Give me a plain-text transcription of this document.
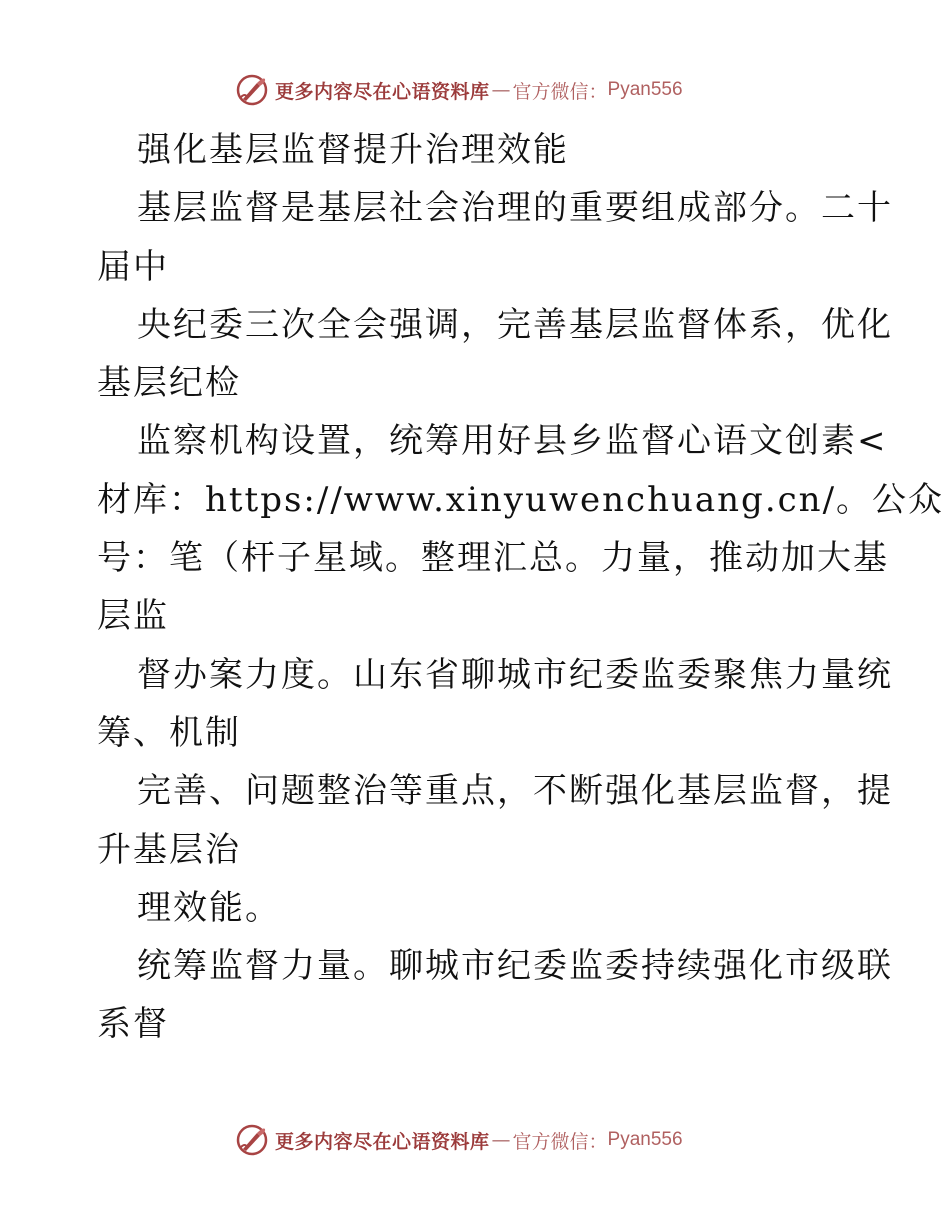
更多内容尽在心语资料库 — 官方微信： Pyan556
强化基层监督提升治理效能
基层监督是基层社会治理的重要组成部分。二十
届中
央纪委三次全会强调，完善基层监督体系，优化
基层纪检
监察机构设置，统筹用好县乡监督心语文创素<
材库：https://www.xinyuwenchuang.cn/。公众
号：笔（杆子星域。整理汇总。力量，推动加大基
层监
督办案力度。山东省聊城市纪委监委聚焦力量统
筹、机制
完善、问题整治等重点，不断强化基层监督，提
升基层治
理效能。
统筹监督力量。聊城市纪委监委持续强化市级联
系督
更多内容尽在心语资料库 — 官方微信： Pyan556
